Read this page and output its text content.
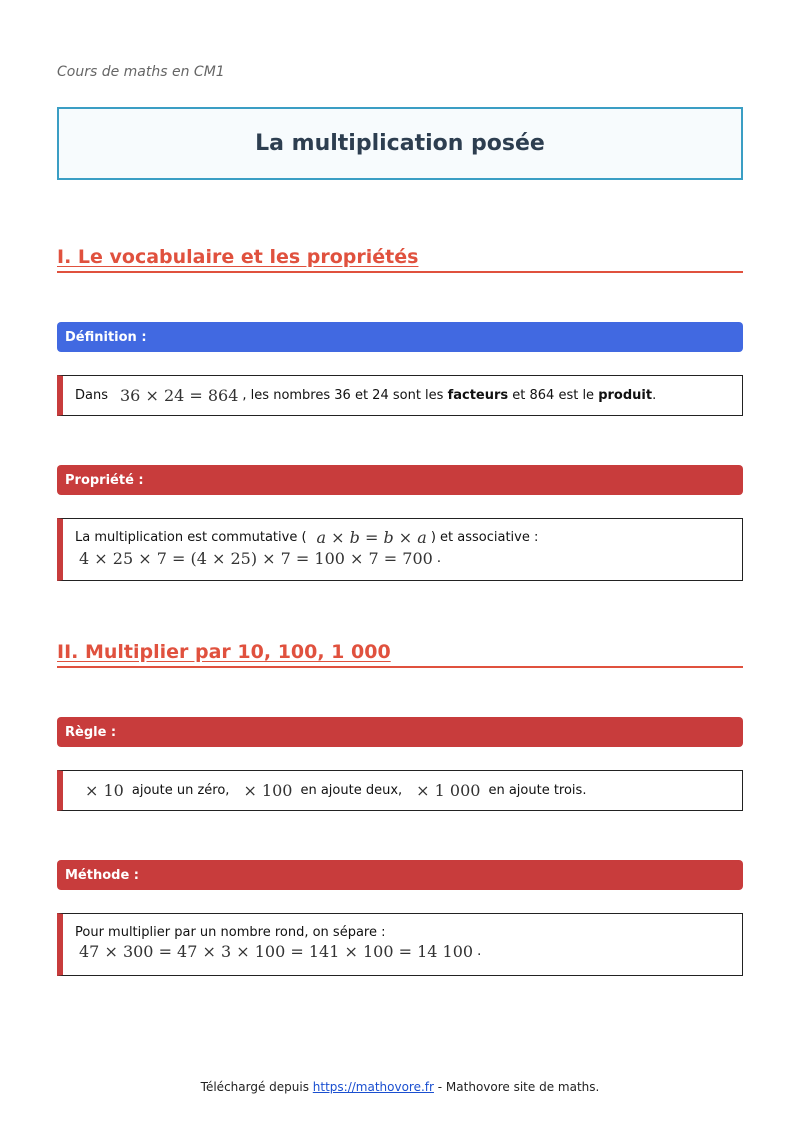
Cours de maths en CM1
La multiplication posée
I. Le vocabulaire et les propriétés
Définition :
Dans 36 × 24 = 864 , les nombres 36 et 24 sont les facteurs et 864 est le produit .
Propriété :
La multiplication est commutative ( a × b = b × a ) et associative :
4 × 25 × 7 = (4 × 25) × 7 = 100 × 7 = 700 .
II. Multiplier par 10, 100, 1 000
Règle :
× 10 ajoute un zéro, × 100 en ajoute deux, × 1 000 en ajoute trois.
Méthode :
Pour multiplier par un nombre rond, on sépare :
47 × 300 = 47 × 3 × 100 = 141 × 100 = 14 100 .
Téléchargé depuis https://mathovore.fr - Mathovore site de maths.
